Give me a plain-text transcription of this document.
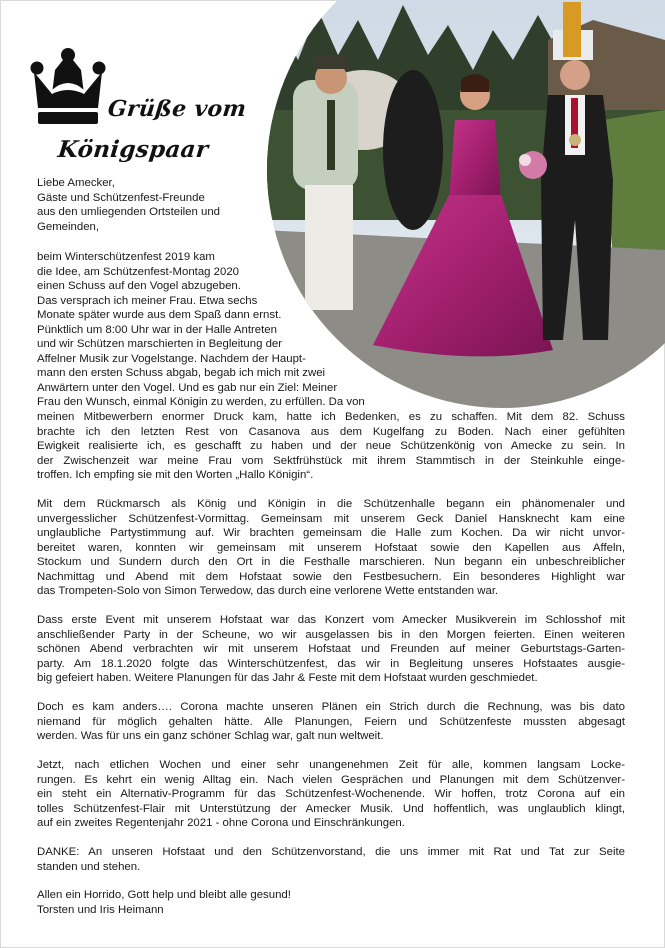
Grüße vom
Königspaar
Liebe Amecker,
Gäste und Schützenfest-Freunde
aus den umliegenden Ortsteilen und
Gemeinden,
beim Winterschützenfest 2019 kam
die Idee, am Schützenfest-Montag 2020
einen Schuss auf den Vogel abzugeben.
Das versprach ich meiner Frau. Etwa sechs
Monate später wurde aus dem Spaß dann ernst.
Pünktlich um 8:00 Uhr war in der Halle Antreten
und wir Schützen marschierten in Begleitung der
Affelner Musik zur Vogelstange. Nachdem der Haupt-
mann den ersten Schuss abgab, begab ich mich mit zwei
Anwärtern unter den Vogel. Und es gab nur ein Ziel: Meiner
Frau den Wunsch, einmal Königin zu werden, zu erfüllen. Da von
meinen Mitbewerbern enormer Druck kam, hatte ich Bedenken, es zu schaffen. Mit dem 82. Schuss
brachte ich den letzten Rest von Casanova aus dem Kugelfang zu Boden. Nach einer gefühlten
Ewigkeit realisierte ich, es geschafft zu haben und der neue Schützenkönig von Amecke zu sein. In
der Zwischenzeit war meine Frau vom Sektfrühstück mit ihrem Stammtisch in der Steinkuhle einge-
troffen. Ich empfing sie mit den Worten „Hallo Königin“.
Mit dem Rückmarsch als König und Königin in die Schützenhalle begann ein phänomenaler und
unvergesslicher Schützenfest-Vormittag. Gemeinsam mit unserem Geck Daniel Hansknecht kam eine
unglaubliche Partystimmung auf. Wir brachten gemeinsam die Halle zum Kochen. Da wir nicht unvor-
bereitet waren, konnten wir gemeinsam mit unserem Hofstaat sowie den Kapellen aus Affeln,
Stockum und Sundern durch den Ort in die Festhalle marschieren. Nun begann ein unbeschreiblicher
Nachmittag und Abend mit dem Hofstaat sowie den Festbesuchern. Ein besonderes Highlight war
das Trompeten-Solo von Simon Terwedow, das durch eine verlorene Wette entstanden war.
Dass erste Event mit unserem Hofstaat war das Konzert vom Amecker Musikverein im Schlosshof mit
anschließender Party in der Scheune, wo wir ausgelassen bis in den Morgen feierten. Einen weiteren
schönen Abend verbrachten wir mit unserem Hofstaat und Freunden auf meiner Geburtstags-Garten-
party. Am 18.1.2020 folgte das Winterschützenfest, das wir in Begleitung unseres Hofstaates ausgie-
big gefeiert haben. Weitere Planungen für das Jahr & Feste mit dem Hofstaat wurden geschmiedet.
Doch es kam anders…. Corona machte unseren Plänen ein Strich durch die Rechnung, was bis dato
niemand für möglich gehalten hätte. Alle Planungen, Feiern und Schützenfeste mussten abgesagt
werden. Was für uns ein ganz schöner Schlag war, galt nun weltweit.
Jetzt, nach etlichen Wochen und einer sehr unangenehmen Zeit für alle, kommen langsam Locke-
rungen. Es kehrt ein wenig Alltag ein. Nach vielen Gesprächen und Planungen mit dem Schützenver-
ein steht ein Alternativ-Programm für das Schützenfest-Wochenende. Wir hoffen, trotz Corona auf ein
tolles Schützenfest-Flair mit Unterstützung der Amecker Musik. Und hoffentlich, was unglaublich klingt,
auf ein zweites Regentenjahr 2021 - ohne Corona und Einschränkungen.
DANKE: An unseren Hofstaat und den Schützenvorstand, die uns immer mit Rat und Tat zur Seite
standen und stehen.
Allen ein Horrido, Gott help und bleibt alle gesund!
Torsten und Iris Heimann
